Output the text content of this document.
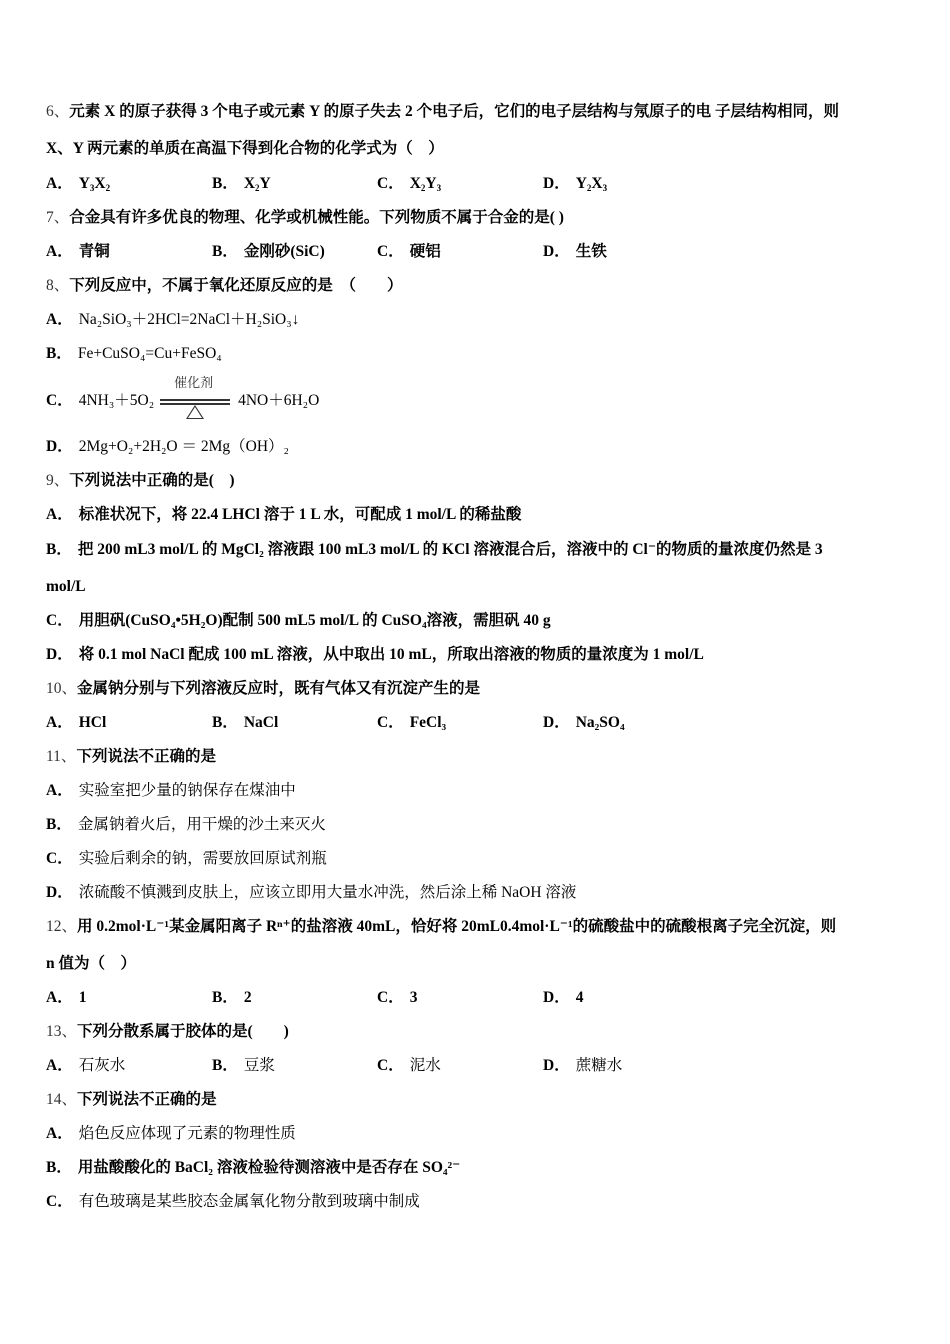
6、元素 X 的原子获得 3 个电子或元素 Y 的原子失去 2 个电子后，它们的电子层结构与氖原子的电 子层结构相同，则
X、Y 两元素的单质在高温下得到化合物的化学式为（　）
A． $Y_3X_2$	B． $X_2Y$	C． $X_2Y_3$	D． $Y_2X_3$
7、合金具有许多优良的物理、化学或机械性能。下列物质不属于合金的是( )
A． 青铜	B． 金刚砂(SiC)	C． 硬铝	D． 生铁
8、下列反应中，不属于氧化还原反应的是　（　　）
A． Na₂SiO₃＋2HCl=2NaCl＋H₂SiO₃↓
B． Fe+CuSO₄=Cu+FeSO₄
C． 4NH₃＋5O₂
催化剂
4NO＋6H₂O
D． 2Mg+O₂+2H₂O ＝ 2Mg（OH）₂
9、下列说法中正确的是(　)
A． 标准状况下，将 22.4 LHCl 溶于 1 L 水，可配成 1 mol/L 的稀盐酸
B． 把 200 mL3 mol/L 的 MgCl₂ 溶液跟 100 mL3 mol/L 的 KCl 溶液混合后，溶液中的 Cl⁻的物质的量浓度仍然是 3
mol/L
C． 用胆矾(CuSO₄•5H₂O)配制 500 mL5 mol/L 的 CuSO₄溶液，需胆矾 40 g
D． 将 0.1 mol NaCl 配成 100 mL 溶液，从中取出 10 mL，所取出溶液的物质的量浓度为 1 mol/L
10、金属钠分别与下列溶液反应时，既有气体又有沉淀产生的是
A． HCl	B． NaCl	C． FeCl₃	D． Na₂SO₄
11、下列说法不正确的是
A． 实验室把少量的钠保存在煤油中
B． 金属钠着火后，用干燥的沙土来灭火
C． 实验后剩余的钠，需要放回原试剂瓶
D． 浓硫酸不慎溅到皮肤上，应该立即用大量水冲洗，然后涂上稀 NaOH 溶液
12、用 0.2mol·L⁻¹某金属阳离子 Rⁿ⁺的盐溶液 40mL，恰好将 20mL0.4mol·L⁻¹的硫酸盐中的硫酸根离子完全沉淀，则
n 值为（　）
A． 1	B． 2	C． 3	D． 4
13、下列分散系属于胶体的是(　　)
A． 石灰水	B． 豆浆	C． 泥水	D． 蔗糖水
14、下列说法不正确的是
A． 焰色反应体现了元素的物理性质
B． 用盐酸酸化的 BaCl₂ 溶液检验待测溶液中是否存在 SO₄²⁻
C． 有色玻璃是某些胶态金属氧化物分散到玻璃中制成
